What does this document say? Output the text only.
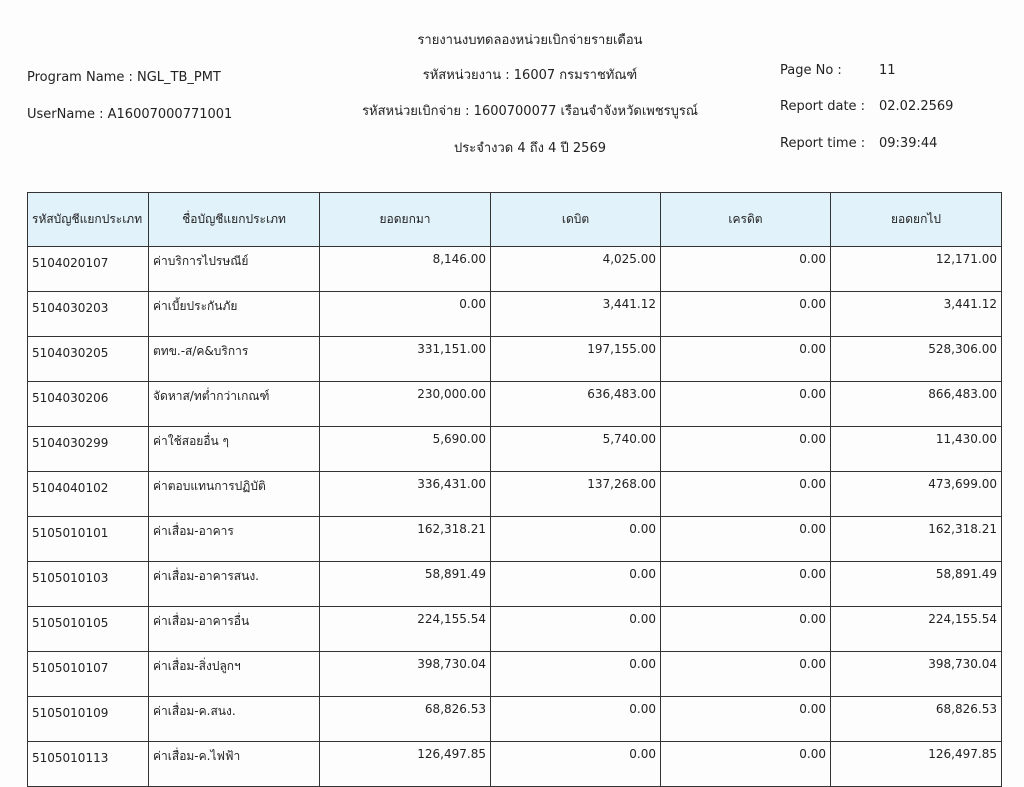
รายงานงบทดลองหน่วยเบิกจ่ายรายเดือน
Program Name : NGL_TB_PMT
UserName : A16007000771001
รหัสหน่วยงาน : 16007 กรมราชทัณฑ์
รหัสหน่วยเบิกจ่าย : 1600700077 เรือนจำจังหวัดเพชรบูรณ์
ประจำงวด 4 ถึง 4 ปี 2569
Page No :	11
Report date : 02.02.2569
Report time : 09:39:44
รหัสบัญชีแยกประเภท	ชื่อบัญชีแยกประเภท	ยอดยกมา	เดบิต	เครดิต	ยอดยกไป
5104020107	ค่าบริการไปรษณีย์	8,146.00	4,025.00	0.00	12,171.00
5104030203	ค่าเบี้ยประกันภัย	0.00	3,441.12	0.00	3,441.12
5104030205	ตทข.-ส/ค&บริการ	331,151.00	197,155.00	0.00	528,306.00
5104030206	จัดหาส/ทต่ำกว่าเกณฑ์	230,000.00	636,483.00	0.00	866,483.00
5104030299	ค่าใช้สอยอื่น ๆ	5,690.00	5,740.00	0.00	11,430.00
5104040102	ค่าตอบแทนการปฏิบัติ	336,431.00	137,268.00	0.00	473,699.00
5105010101	ค่าเสื่อม-อาคาร	162,318.21	0.00	0.00	162,318.21
5105010103	ค่าเสื่อม-อาคารสนง.	58,891.49	0.00	0.00	58,891.49
5105010105	ค่าเสื่อม-อาคารอื่น	224,155.54	0.00	0.00	224,155.54
5105010107	ค่าเสื่อม-สิ่งปลูกฯ	398,730.04	0.00	0.00	398,730.04
5105010109	ค่าเสื่อม-ค.สนง.	68,826.53	0.00	0.00	68,826.53
5105010113	ค่าเสื่อม-ค.ไฟฟ้า	126,497.85	0.00	0.00	126,497.85
